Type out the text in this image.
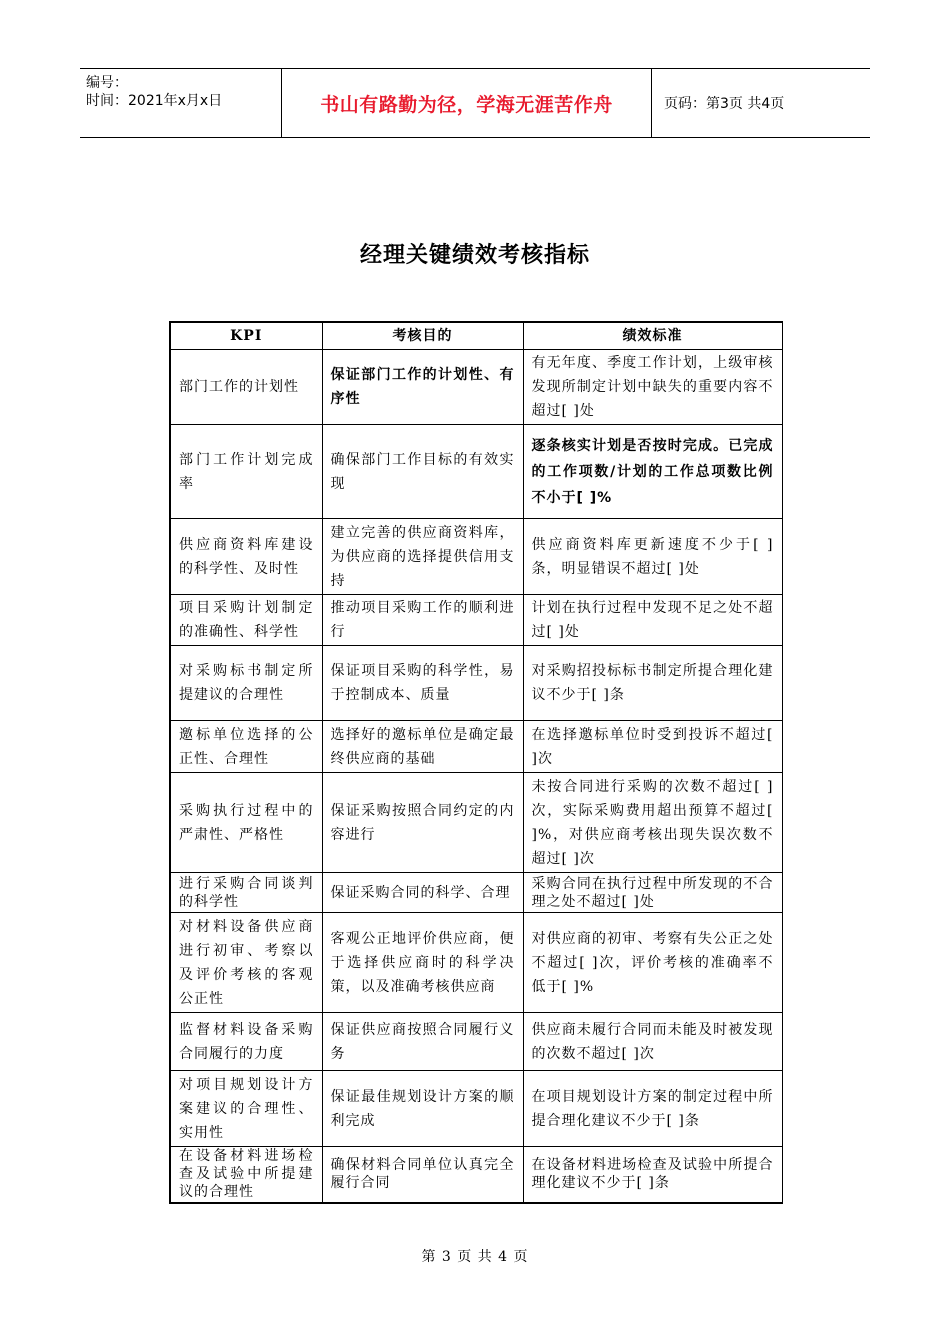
编号：
时间：2021年x月x日	书山有路勤为径，学海无涯苦作舟	页码：第3页 共4页
经理关键绩效考核指标
KPI	考核目的	绩效标准
部门工作的计划性	保证部门工作的计划性、有序性	有无年度、季度工作计划，上级审核发现所制定计划中缺失的重要内容不超过[ ]处
部门工作计划完成率	确保部门工作目标的有效实现	逐条核实计划是否按时完成。已完成的工作项数/计划的工作总项数比例不小于[ ]%
供应商资料库建设的科学性、及时性	建立完善的供应商资料库，为供应商的选择提供信用支持	供应商资料库更新速度不少于[ ]条，明显错误不超过[ ]处
项目采购计划制定的准确性、科学性	推动项目采购工作的顺利进行	计划在执行过程中发现不足之处不超过[ ]处
对采购标书制定所提建议的合理性	保证项目采购的科学性，易于控制成本、质量	对采购招投标标书制定所提合理化建议不少于[ ]条
邀标单位选择的公正性、合理性	选择好的邀标单位是确定最终供应商的基础	在选择邀标单位时受到投诉不超过[ ]次
采购执行过程中的严肃性、严格性	保证采购按照合同约定的内容进行	未按合同进行采购的次数不超过[ ]次，实际采购费用超出预算不超过[ ]%，对供应商考核出现失误次数不超过[ ]次
进行采购合同谈判的科学性	保证采购合同的科学、合理	采购合同在执行过程中所发现的不合理之处不超过[ ]处
对材料设备供应商进行初审、考察以及评价考核的客观公正性	客观公正地评价供应商，便于选择供应商时的科学决策，以及准确考核供应商	对供应商的初审、考察有失公正之处不超过[ ]次，评价考核的准确率不低于[ ]%
监督材料设备采购合同履行的力度	保证供应商按照合同履行义务	供应商未履行合同而未能及时被发现的次数不超过[ ]次
对项目规划设计方案建议的合理性、实用性	保证最佳规划设计方案的顺利完成	在项目规划设计方案的制定过程中所提合理化建议不少于[ ]条
在设备材料进场检查及试验中所提建议的合理性	确保材料合同单位认真完全履行合同	在设备材料进场检查及试验中所提合理化建议不少于[ ]条
第 3 页 共 4 页
